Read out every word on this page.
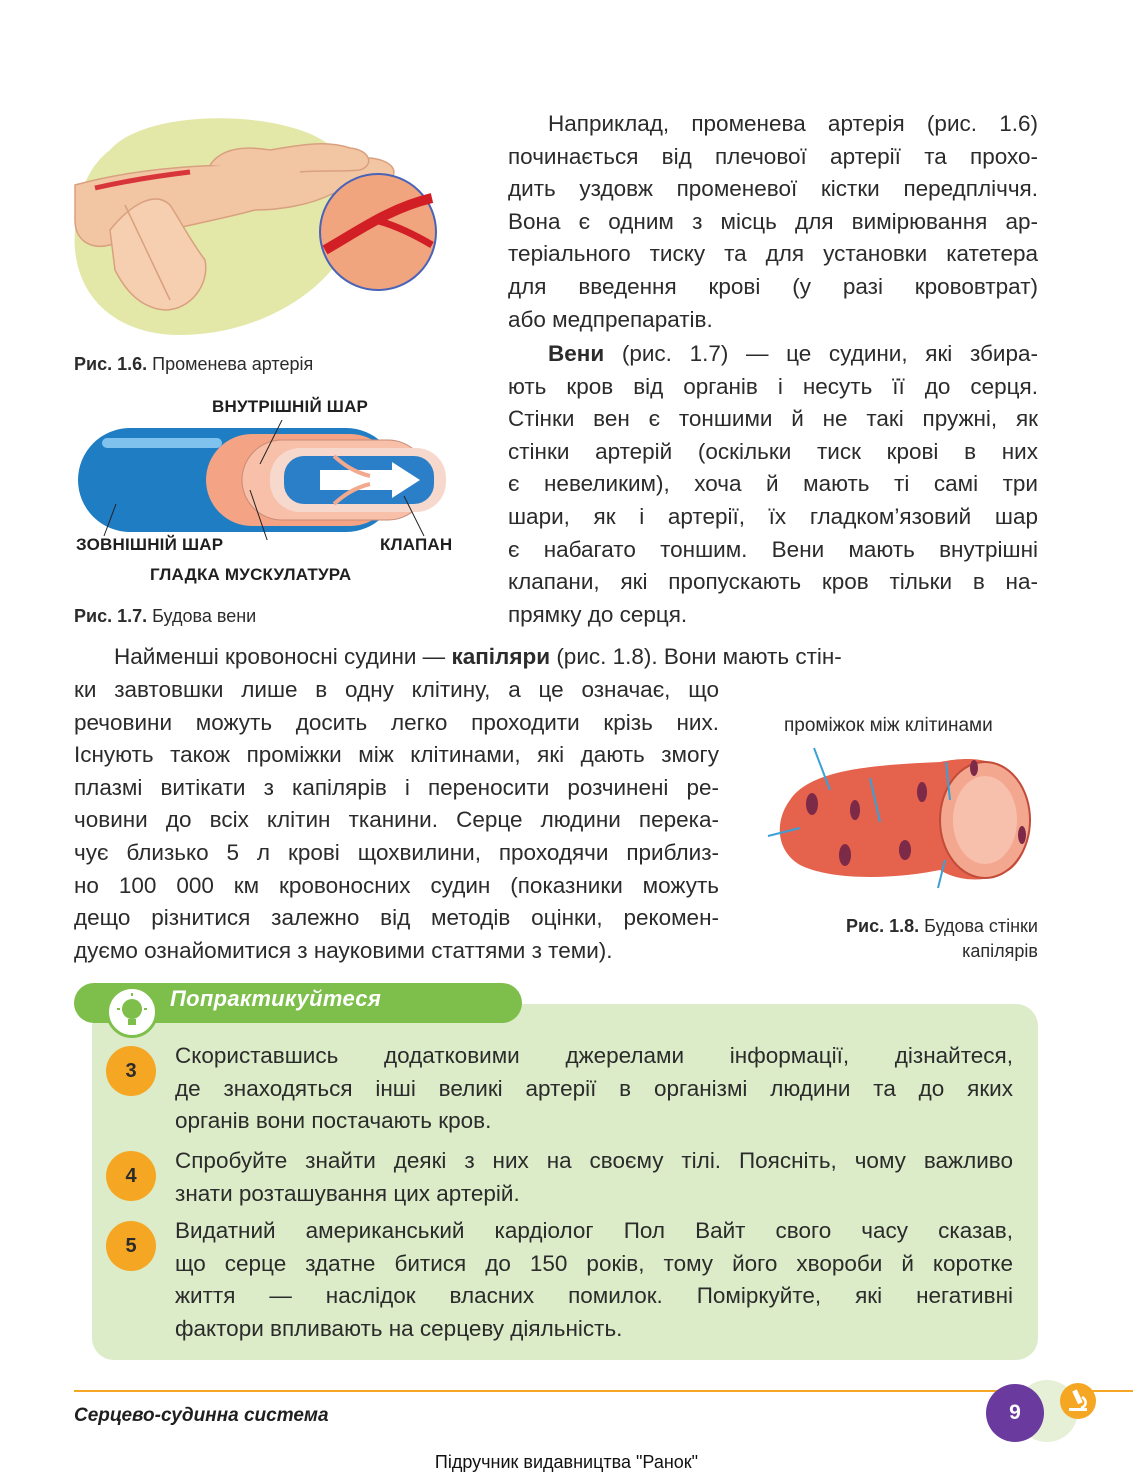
Рис. 1.6. Променева артерія
ВНУТРІШНІЙ ШАР
ЗОВНІШНІЙ ШАР	КЛАПАН
ГЛАДКА МУСКУЛАТУРА
Рис. 1.7. Будова вени
Наприклад, променева артерія (рис. 1.6)
починається від плечової артерії та прохо-
дить уздовж променевої кістки передпліччя.
Вона є одним з місць для вимірювання ар-
теріального тиску та для установки катетера
для введення крові (у разі крововтрат)
або медпрепаратів.
Вени (рис. 1.7) — це судини, які збира-
ють кров від органів і несуть її до серця.
Стінки вен є тоншими й не такі пружні, як
стінки артерій (оскільки тиск крові в них
є невеликим), хоча й мають ті самі три
шари, як і артерії, їх гладком’язовий шар
є набагато тоншим. Вени мають внутрішні
клапани, які пропускають кров тільки в на-
прямку до серця.
Найменші кровоносні судини — капіляри (рис. 1.8). Вони мають стін-
ки завтовшки лише в одну клітину, а це означає, що
речовини можуть досить легко проходити крізь них.
Існують також проміжки між клітинами, які дають змогу
плазмі витікати з капілярів і переносити розчинені ре-
човини до всіх клітин тканини. Серце людини перека-
чує близько 5 л крові щохвилини, проходячи приблиз-
но 100 000 км кровоносних судин (показники можуть
дещо різнитися залежно від методів оцінки, рекомен-
дуємо ознайомитися з науковими статтями з теми).
проміжок між клітинами
Рис. 1.8. Будова стінки
капілярів
Попрактикуйтеся
3
Скориставшись додатковими джерелами інформації, дізнайтеся,
де знаходяться інші великі артерії в організмі людини та до яких
органів вони постачають кров.
4
Спробуйте знайти деякі з них на своєму тілі. Поясніть, чому важливо
знати розташування цих артерій.
5
Видатний американський кардіолог Пол Вайт свого часу сказав,
що серце здатне битися до 150 років, тому його хвороби й коротке
життя — наслідок власних помилок. Поміркуйте, які негативні
фактори впливають на серцеву діяльність.
Серцево-судинна система	9
Підручник видавництва "Ранок"
